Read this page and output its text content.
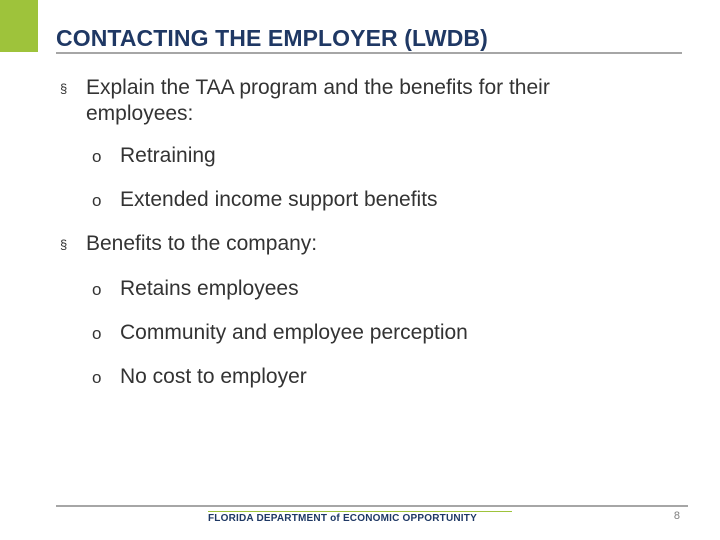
CONTACTING THE EMPLOYER (LWDB)
§ Explain the TAA program and the benefits for their employees:
o Retraining
o Extended income support benefits
§ Benefits to the company:
o Retains employees
o Community and employee perception
o No cost to employer
FLORIDA DEPARTMENT of ECONOMIC OPPORTUNITY	8
